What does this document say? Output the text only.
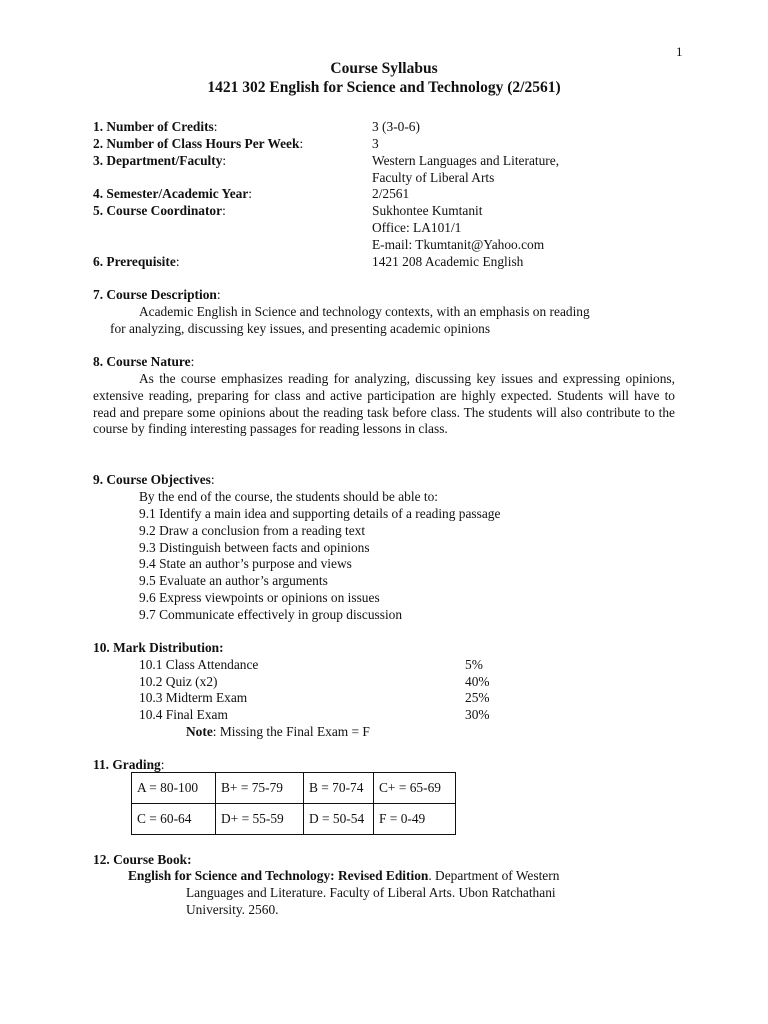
1
Course Syllabus
1421 302 English for Science and Technology (2/2561)
1. Number of Credits:	3 (3-0-6)
2. Number of Class Hours Per Week:	3
3. Department/Faculty:	Western Languages and Literature,
Faculty of Liberal Arts
4. Semester/Academic Year:	2/2561
5. Course Coordinator:	Sukhontee Kumtanit
Office: LA101/1
E-mail: Tkumtanit@Yahoo.com
6. Prerequisite:	1421 208 Academic English
7. Course Description:
Academic English in Science and technology contexts, with an emphasis on reading
for analyzing, discussing key issues, and presenting academic opinions
8. Course Nature:
As the course emphasizes reading for analyzing, discussing key issues and expressing opinions, extensive reading, preparing for class and active participation are highly expected. Students will have to read and prepare some opinions about the reading task before class. The students will also contribute to the course by finding interesting passages for reading lessons in class.
9. Course Objectives:
By the end of the course, the students should be able to:
9.1 Identify a main idea and supporting details of a reading passage
9.2 Draw a conclusion from a reading text
9.3 Distinguish between facts and opinions
9.4 State an author’s purpose and views
9.5 Evaluate an author’s arguments
9.6 Express viewpoints or opinions on issues
9.7 Communicate effectively in group discussion
10. Mark Distribution:
10.1 Class Attendance	5%
10.2 Quiz (x2)	40%
10.3 Midterm Exam	25%
10.4 Final Exam	30%
Note: Missing the Final Exam = F
11. Grading:
A = 80-100	B+ = 75-79	B = 70-74	C+ = 65-69
C = 60-64	D+ = 55-59	D = 50-54	F = 0-49
12. Course Book:
English for Science and Technology: Revised Edition. Department of Western
Languages and Literature. Faculty of Liberal Arts. Ubon Ratchathani
University. 2560.
